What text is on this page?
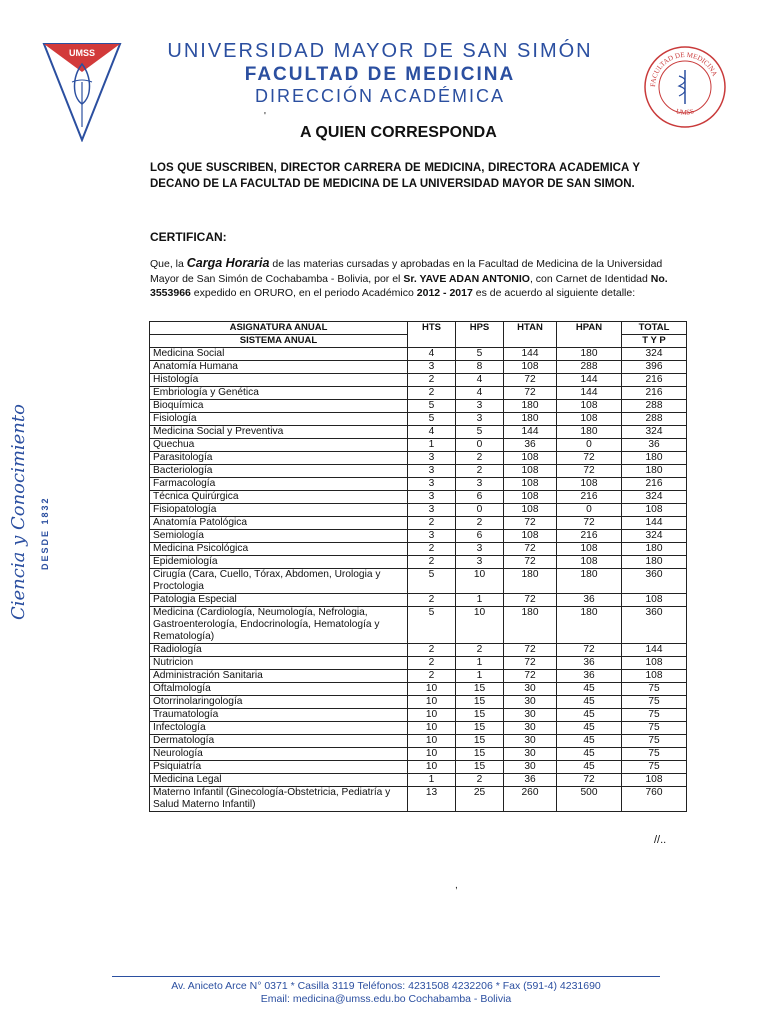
UMSS	UNIVERSIDAD MAYOR DE SAN SIMÓN
FACULTAD DE MEDICINA
DIRECCIÓN ACADÉMICA
FACULTAD DE MEDICINA
UMSS
Ciencia y Conocimiento DESDE 1832
'
A QUIEN CORRESPONDA
LOS QUE SUSCRIBEN, DIRECTOR CARRERA DE MEDICINA, DIRECTORA ACADEMICA Y DECANO DE LA FACULTAD DE MEDICINA DE LA UNIVERSIDAD MAYOR DE SAN SIMON.
CERTIFICAN:
Que, la Carga Horaria de las materias cursadas y aprobadas en la Facultad de Medicina de la Universidad Mayor de San Simón de Cochabamba - Bolivia, por el Sr. YAVE ADAN ANTONIO, con Carnet de Identidad No. 3553966 expedido en ORURO, en el periodo Académico 2012 - 2017 es de acuerdo al siguiente detalle:
ASIGNATURA ANUAL	HTS	HPS	HTAN	HPAN	TOTAL
SISTEMA ANUAL					T Y P
Medicina Social	4	5	144	180	324
Anatomía Humana	3	8	108	288	396
Histología	2	4	72	144	216
Embriología y Genética	2	4	72	144	216
Bioquímica	5	3	180	108	288
Fisiología	5	3	180	108	288
Medicina Social y Preventiva	4	5	144	180	324
Quechua	1	0	36	0	36
Parasitología	3	2	108	72	180
Bacteriología	3	2	108	72	180
Farmacología	3	3	108	108	216
Técnica Quirúrgica	3	6	108	216	324
Fisiopatología	3	0	108	0	108
Anatomía Patológica	2	2	72	72	144
Semiología	3	6	108	216	324
Medicina Psicológica	2	3	72	108	180
Epidemiología	2	3	72	108	180
Cirugía (Cara, Cuello, Tórax, Abdomen, Urologia y Proctologia	5	10	180	180	360
Patologia Especial	2	1	72	36	108
Medicina (Cardiología, Neumología, Nefrologia, Gastroenterología, Endocrinología, Hematología y Rematología)	5	10	180	180	360
Radiología	2	2	72	72	144
Nutricion	2	1	72	36	108
Administración Sanitaria	2	1	72	36	108
Oftalmología	10	15	30	45	75
Otorrinolaringología	10	15	30	45	75
Traumatología	10	15	30	45	75
Infectología	10	15	30	45	75
Dermatología	10	15	30	45	75
Neurología	10	15	30	45	75
Psiquiatría	10	15	30	45	75
Medicina Legal	1	2	36	72	108
Materno Infantil (Ginecología-Obstetricia, Pediatría y Salud Materno Infantil)	13	25	260	500	760
//..
,
Av. Aniceto Arce N° 0371 * Casilla 3119 Teléfonos: 4231508 4232206 * Fax (591-4) 4231690
Email: medicina@umss.edu.bo Cochabamba - Bolivia
